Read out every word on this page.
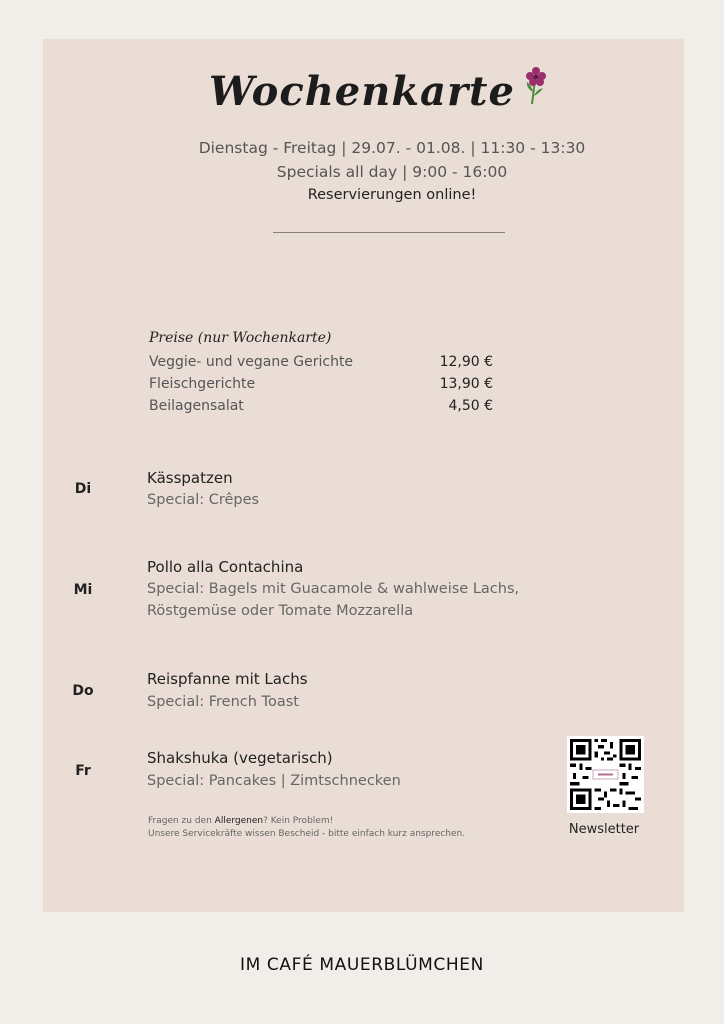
Wochenkarte
Dienstag - Freitag | 29.07. - 01.08. | 11:30 - 13:30
Specials all day | 9:00 - 16:00
Reservierungen online!
Preise (nur Wochenkarte)
Veggie- und vegane Gerichte	12,90 €
Fleischgerichte	13,90 €
Beilagensalat	4,50 €
Di
Kässpatzen
Special: Crêpes
Mi
Pollo alla Contachina
Special: Bagels mit Guacamole & wahlweise Lachs,
Röstgemüse oder Tomate Mozzarella
Do
Reispfanne mit Lachs
Special: French Toast
Fr
Shakshuka (vegetarisch)
Special: Pancakes | Zimtschnecken
Fragen zu den Allergenen? Kein Problem!
Unsere Servicekräfte wissen Bescheid - bitte einfach kurz ansprechen.	Newsletter
IM CAFÉ MAUERBLÜMCHEN
